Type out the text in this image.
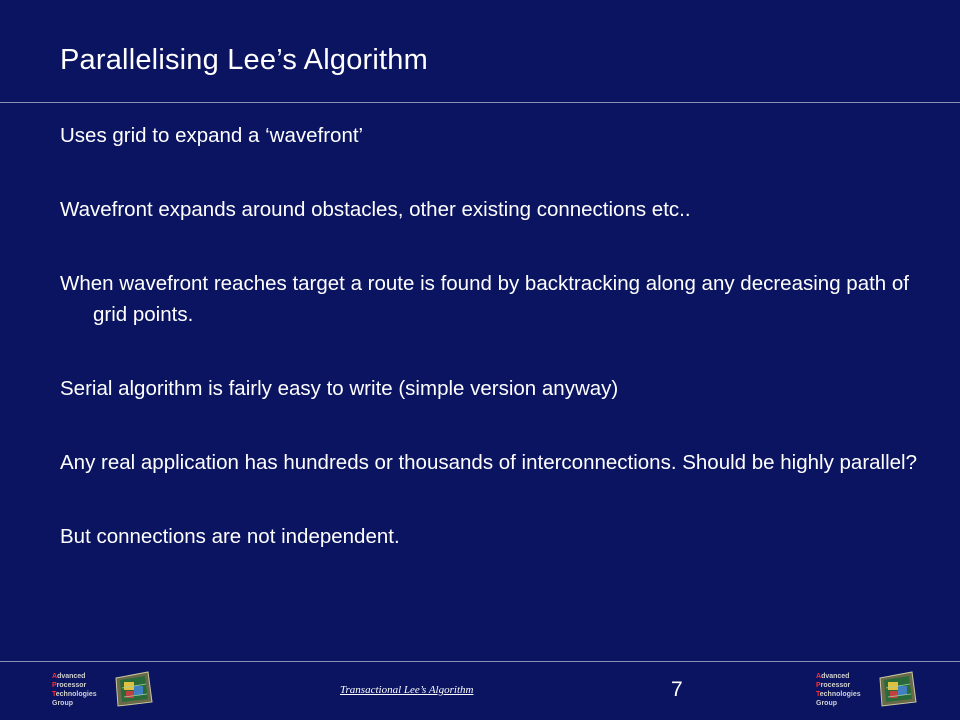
Parallelising Lee’s Algorithm
Uses grid to expand a ‘wavefront’
Wavefront expands around obstacles, other existing connections etc..
When wavefront reaches target a route is found by backtracking along any decreasing path of grid points.
Serial algorithm is fairly easy to write (simple version anyway)
Any real application has hundreds or thousands of interconnections. Should be highly parallel?
But connections are not independent.
Advanced
Processor
Technologies
Group
Transactional Lee’s Algorithm	7
Advanced
Processor
Technologies
Group
